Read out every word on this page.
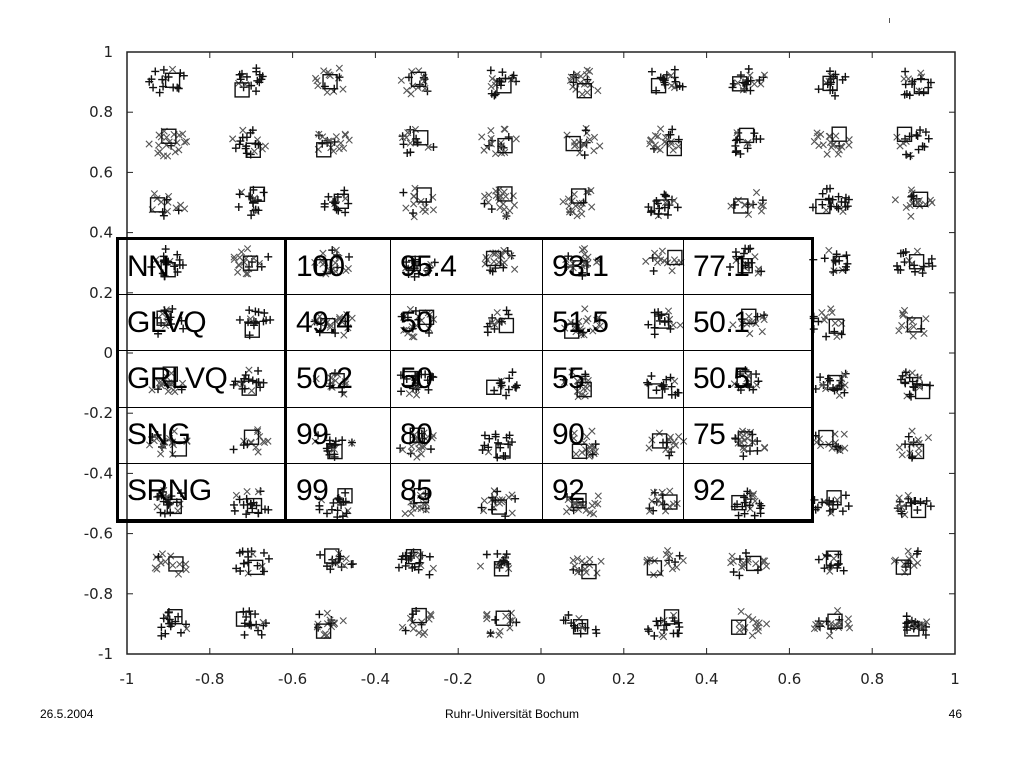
-1	-0.8	-0.6	-0.4	-0.2	0	0.2	0.4	0.6	0.8	1
1
0.8
0.6
0.4
0.2
0
-0.2
-0.4
-0.6
-0.8
-1
NN	100	95.4	93.1	77.1
GLVQ	49.4	50	51.5	50.1
GRLVQ	50.2	50	55	50.5
SNG	99	80	90	75
SRNG	99	85	92	92
26.5.2004	Ruhr-Universität Bochum	46
